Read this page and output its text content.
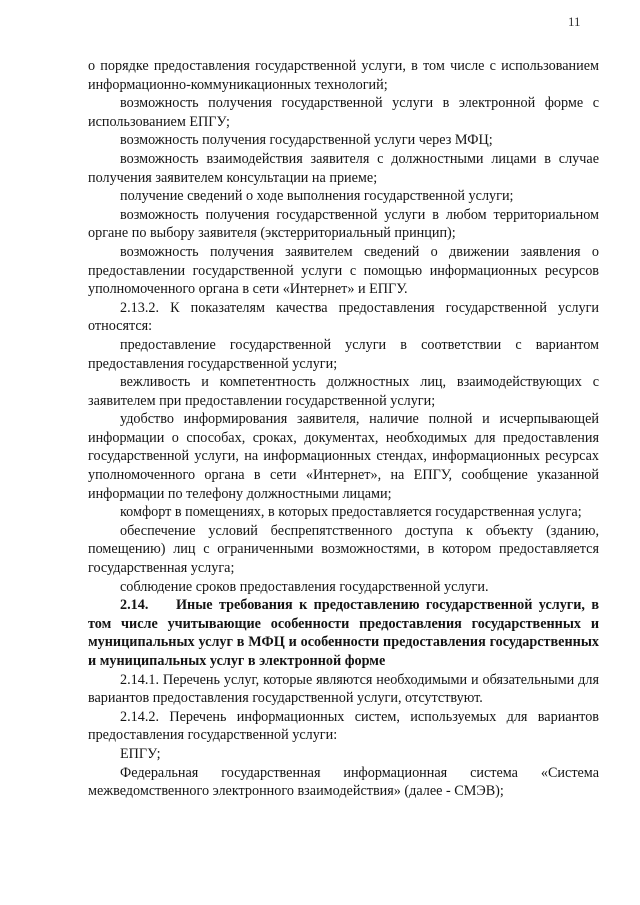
11

о порядке предоставления государственной услуги, в том числе с использованием информационно-коммуникационных технологий;

возможность получения государственной услуги в электронной форме с использованием ЕПГУ;

возможность получения государственной услуги через МФЦ;

возможность взаимодействия заявителя с должностными лицами в случае получения заявителем консультации на приеме;

получение сведений о ходе выполнения государственной услуги;

возможность получения государственной услуги в любом территориальном органе по выбору заявителя (экстерриториальный принцип);

возможность получения заявителем сведений о движении заявления о предоставлении государственной услуги с помощью информационных ресурсов уполномоченного органа в сети «Интернет» и ЕПГУ.

2.13.2. К показателям качества предоставления государственной услуги относятся:

предоставление государственной услуги в соответствии с вариантом предоставления государственной услуги;

вежливость и компетентность должностных лиц, взаимодействующих с заявителем при предоставлении государственной услуги;

удобство информирования заявителя, наличие полной и исчерпывающей информации о способах, сроках, документах, необходимых для предоставления государственной услуги, на информационных стендах, информационных ресурсах уполномоченного органа в сети «Интернет», на ЕПГУ, сообщение указанной информации по телефону должностными лицами;

комфорт в помещениях, в которых предоставляется государственная услуга;

обеспечение условий беспрепятственного доступа к объекту (зданию, помещению) лиц с ограниченными возможностями, в котором предоставляется государственная услуга;

соблюдение сроков предоставления государственной услуги.

2.14. Иные требования к предоставлению государственной услуги, в том числе учитывающие особенности предоставления государственных и муниципальных услуг в МФЦ и особенности предоставления государственных и муниципальных услуг в электронной форме

2.14.1. Перечень услуг, которые являются необходимыми и обязательными для вариантов предоставления государственной услуги, отсутствуют.

2.14.2. Перечень информационных систем, используемых для вариантов предоставления государственной услуги:

ЕПГУ;

Федеральная государственная информационная система «Система межведомственного электронного взаимодействия» (далее - СМЭВ);
